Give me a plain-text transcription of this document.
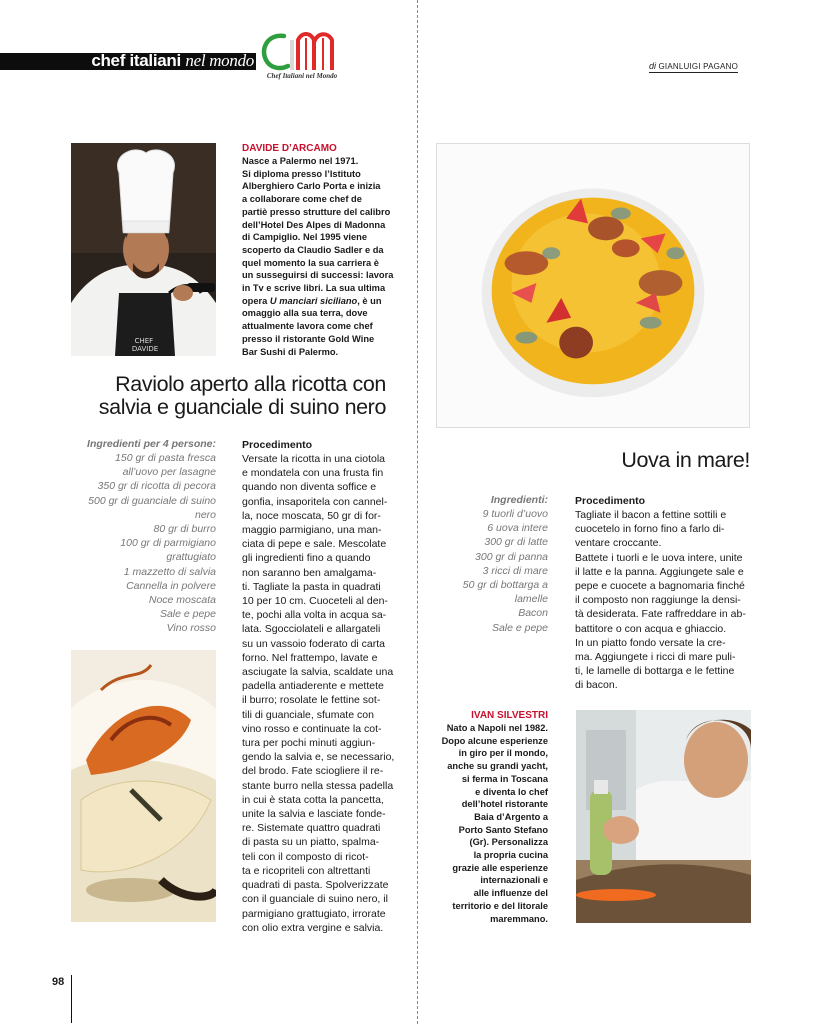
chef italiani nel mondo
Chef Italiani nel Mondo
di GIANLUIGI PAGANO
CHEF DAVIDE
DAVIDE D’ARCAMO
Nasce a Palermo nel 1971.
Si diploma presso l’Istituto
Alberghiero Carlo Porta e inizia
a collaborare come chef de
partiè presso strutture del calibro
dell’Hotel Des Alpes di Madonna
di Campiglio. Nel 1995 viene
scoperto da Claudio Sadler e da
quel momento la sua carriera è
un susseguirsi di successi: lavora
in Tv e scrive libri. La sua ultima
opera U manciari siciliano, è un
omaggio alla sua terra, dove
attualmente lavora come chef
presso il ristorante Gold Wine
Bar Sushi di Palermo.
Raviolo aperto alla ricotta con
salvia e guanciale di suino nero
Ingredienti per 4 persone:
150 gr di pasta fresca
all’uovo per lasagne
350 gr di ricotta di pecora
500 gr di guanciale di suino
nero
80 gr di burro
100 gr di parmigiano
grattugiato
1 mazzetto di salvia
Cannella in polvere
Noce moscata
Sale e pepe
Vino rosso
Procedimento
Versate la ricotta in una ciotola
e mondatela con una frusta fin
quando non diventa soffice e
gonfia, insaporitela con cannel-
la, noce moscata, 50 gr di for-
maggio parmigiano, una man-
ciata di pepe e sale. Mescolate
gli ingredienti fino a quando
non saranno ben amalgama-
ti. Tagliate la pasta in quadrati
10 per 10 cm. Cuoceteli al den-
te, pochi alla volta in acqua sa-
lata. Sgocciolateli e allargateli
su un vassoio foderato di carta
forno. Nel frattempo, lavate e
asciugate la salvia, scaldate una
padella antiaderente e mettete
il burro; rosolate le fettine sot-
tili di guanciale, sfumate con
vino rosso e continuate la cot-
tura per pochi minuti aggiun-
gendo la salvia e, se necessario,
del brodo. Fate sciogliere il re-
stante burro nella stessa padella
in cui è stata cotta la pancetta,
unite la salvia e lasciate fonde-
re. Sistemate quattro quadrati
di pasta su un piatto, spalma-
teli con il composto di ricot-
ta e ricopriteli con altrettanti
quadrati di pasta. Spolverizzate
con il guanciale di suino nero, il
parmigiano grattugiato, irrorate
con olio extra vergine e salvia.
Uova in mare!
Ingredienti:
9 tuorli d’uovo
6 uova intere
300 gr di latte
300 gr di panna
3 ricci di mare
50 gr di bottarga a
lamelle
Bacon
Sale e pepe
Procedimento
Tagliate il bacon a fettine sottili e
cuocetelo in forno fino a farlo di-
ventare croccante.
Battete i tuorli e le uova intere, unite
il latte e la panna. Aggiungete sale e
pepe e cuocete a bagnomaria finché
il composto non raggiunge la densi-
tà desiderata. Fate raffreddare in ab-
battitore o con acqua e ghiaccio.
In un piatto fondo versate la cre-
ma. Aggiungete i ricci di mare puli-
ti, le lamelle di bottarga e le fettine
di bacon.
IVAN SILVESTRI
Nato a Napoli nel 1982.
Dopo alcune esperienze
in giro per il mondo,
anche su grandi yacht,
si ferma in Toscana
e diventa lo chef
dell’hotel ristorante
Baia d’Argento a
Porto Santo Stefano
(Gr). Personalizza
la propria cucina
grazie alle esperienze
internazionali e
alle influenze del
territorio e del litorale
maremmano.
98
